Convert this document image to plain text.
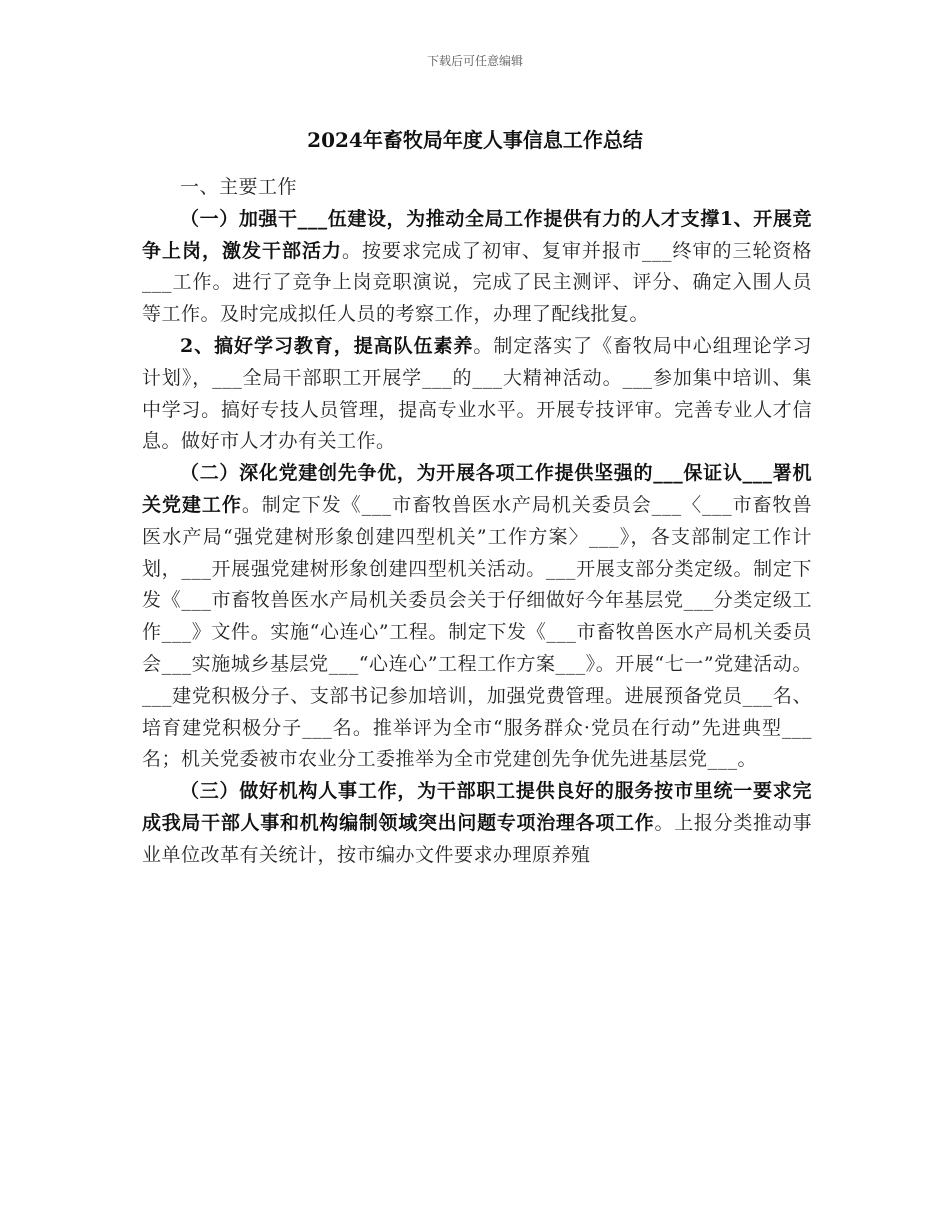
下载后可任意编辑
2024年畜牧局年度人事信息工作总结

一、主要工作

（一）加强干___伍建设，为推动全局工作提供有力的人才支撑1、开展竞争上岗，激发干部活力。按要求完成了初审、复审并报市___终审的三轮资格___工作。进行了竞争上岗竞职演说，完成了民主测评、评分、确定入围人员等工作。及时完成拟任人员的考察工作，办理了配线批复。

2、搞好学习教育，提高队伍素养。制定落实了《畜牧局中心组理论学习计划》，___全局干部职工开展学___的___大精神活动。___参加集中培训、集中学习。搞好专技人员管理，提高专业水平。开展专技评审。完善专业人才信息。做好市人才办有关工作。

（二）深化党建创先争优，为开展各项工作提供坚强的___保证认___署机关党建工作。制定下发《___市畜牧兽医水产局机关委员会___〈___市畜牧兽医水产局“强党建树形象创建四型机关”工作方案〉___》，各支部制定工作计划，___开展强党建树形象创建四型机关活动。___开展支部分类定级。制定下发《___市畜牧兽医水产局机关委员会关于仔细做好今年基层党___分类定级工作___》文件。实施“心连心”工程。制定下发《___市畜牧兽医水产局机关委员会___实施城乡基层党___“心连心”工程工作方案___》。开展“七一”党建活动。___建党积极分子、支部书记参加培训，加强党费管理。进展预备党员___名、培育建党积极分子___名。推举评为全市“服务群众·党员在行动”先进典型___名；机关党委被市农业分工委推举为全市党建创先争优先进基层党___。

（三）做好机构人事工作，为干部职工提供良好的服务按市里统一要求完成我局干部人事和机构编制领域突出问题专项治理各项工作。上报分类推动事业单位改革有关统计，按市编办文件要求办理原养殖
